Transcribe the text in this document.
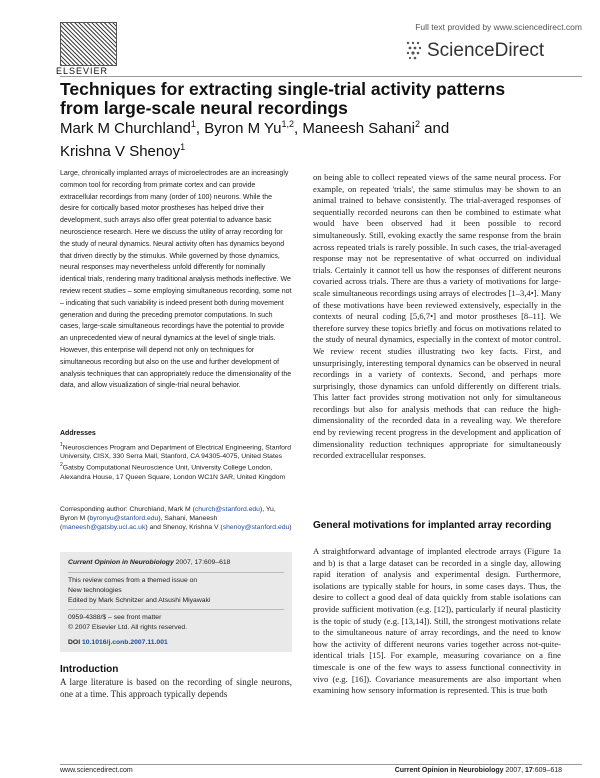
ELSEVIER
Full text provided by www.sciencedirect.com
ScienceDirect
Techniques for extracting single-trial activity patterns from large-scale neural recordings
Mark M Churchland$^1$, Byron M Yu$^{1,2}$, Maneesh Sahani$^2$ and
Krishna V Shenoy$^1$
Large, chronically implanted arrays of microelectrodes are an increasingly common tool for recording from primate cortex and can provide extracellular recordings from many (order of 100) neurons. While the desire for cortically based motor prostheses has helped drive their development, such arrays also offer great potential to advance basic neuroscience research. Here we discuss the utility of array recording for the study of neural dynamics. Neural activity often has dynamics beyond that driven directly by the stimulus. While governed by those dynamics, neural responses may nevertheless unfold differently for nominally identical trials, rendering many traditional analysis methods ineffective. We review recent studies – some employing simultaneous recording, some not – indicating that such variability is indeed present both during movement generation and during the preceding premotor computations. In such cases, large-scale simultaneous recordings have the potential to provide an unprecedented view of neural dynamics at the level of single trials. However, this enterprise will depend not only on techniques for simultaneous recording but also on the use and further development of analysis techniques that can appropriately reduce the dimensionality of the data, and allow visualization of single-trial neural behavior.
Addresses
$^1$Neurosciences Program and Department of Electrical Engineering, Stanford University, CISX, 330 Serra Mall, Stanford, CA 94305-4075, United States
$^2$Gatsby Computational Neuroscience Unit, University College London, Alexandra House, 17 Queen Square, London WC1N 3AR, United Kingdom
Corresponding author: Churchland, Mark M (church@stanford.edu), Yu, Byron M (byronyu@stanford.edu), Sahani, Maneesh (maneesh@gatsby.ucl.ac.uk) and Shenoy, Krishna V (shenoy@stanford.edu)
Current Opinion in Neurobiology 2007, 17:609–618
This review comes from a themed issue on
New technologies
Edited by Mark Schnitzer and Atsushi Miyawaki
0959-4388/$ – see front matter
© 2007 Elsevier Ltd. All rights reserved.
DOI 10.1016/j.conb.2007.11.001
Introduction
A large literature is based on the recording of single neurons, one at a time. This approach typically depends
on being able to collect repeated views of the same neural process. For example, on repeated 'trials', the same stimulus may be shown to an animal trained to behave consistently. The trial-averaged responses of sequentially recorded neurons can then be combined to estimate what would have been observed had it been possible to record simultaneously. Still, evoking exactly the same response from the brain across repeated trials is rarely possible. In such cases, the trial-averaged response may not be representative of what occurred on individual trials. Certainly it cannot tell us how the responses of different neurons covaried across trials. There are thus a variety of motivations for large-scale simultaneous recordings using arrays of electrodes [1–3,4•]. Many of these motivations have been reviewed extensively, especially in the contexts of neural coding [5,6,7•] and motor prostheses [8–11]. We therefore survey these topics briefly and focus on motivations related to the study of neural dynamics, especially in the context of motor control. We review recent studies illustrating two key facts. First, and unsurprisingly, interesting temporal dynamics can be observed in neural recordings in a variety of contexts. Second, and perhaps more surprisingly, those dynamics can unfold differently on different trials. This latter fact provides strong motivation not only for simultaneous recordings but also for analysis methods that can reduce the high-dimensionality of the recorded data in a revealing way. We therefore end by reviewing recent progress in the development and application of dimensionality reduction techniques appropriate for simultaneously recorded extracellular responses.
General motivations for implanted array recording
A straightforward advantage of implanted electrode arrays (Figure 1a and b) is that a large dataset can be recorded in a single day, allowing rapid iteration of analysis and experimental design. Furthermore, isolations are typically stable for hours, in some cases days. Thus, the desire to collect a good deal of data quickly from stable isolations can provide sufficient motivation (e.g. [12]), particularly if neural plasticity is the topic of study (e.g. [13,14]). Still, the strongest motivations relate to the simultaneous nature of array recordings, and the need to know how the activity of different neurons varies together across not-quite-identical trials [15]. For example, measuring covariance on a fine timescale is one of the few ways to assess functional connectivity in vivo (e.g. [16]). Covariance measurements are also important when examining how sensory information is represented. This is true both
www.sciencedirect.com	Current Opinion in Neurobiology 2007, 17:609–618
